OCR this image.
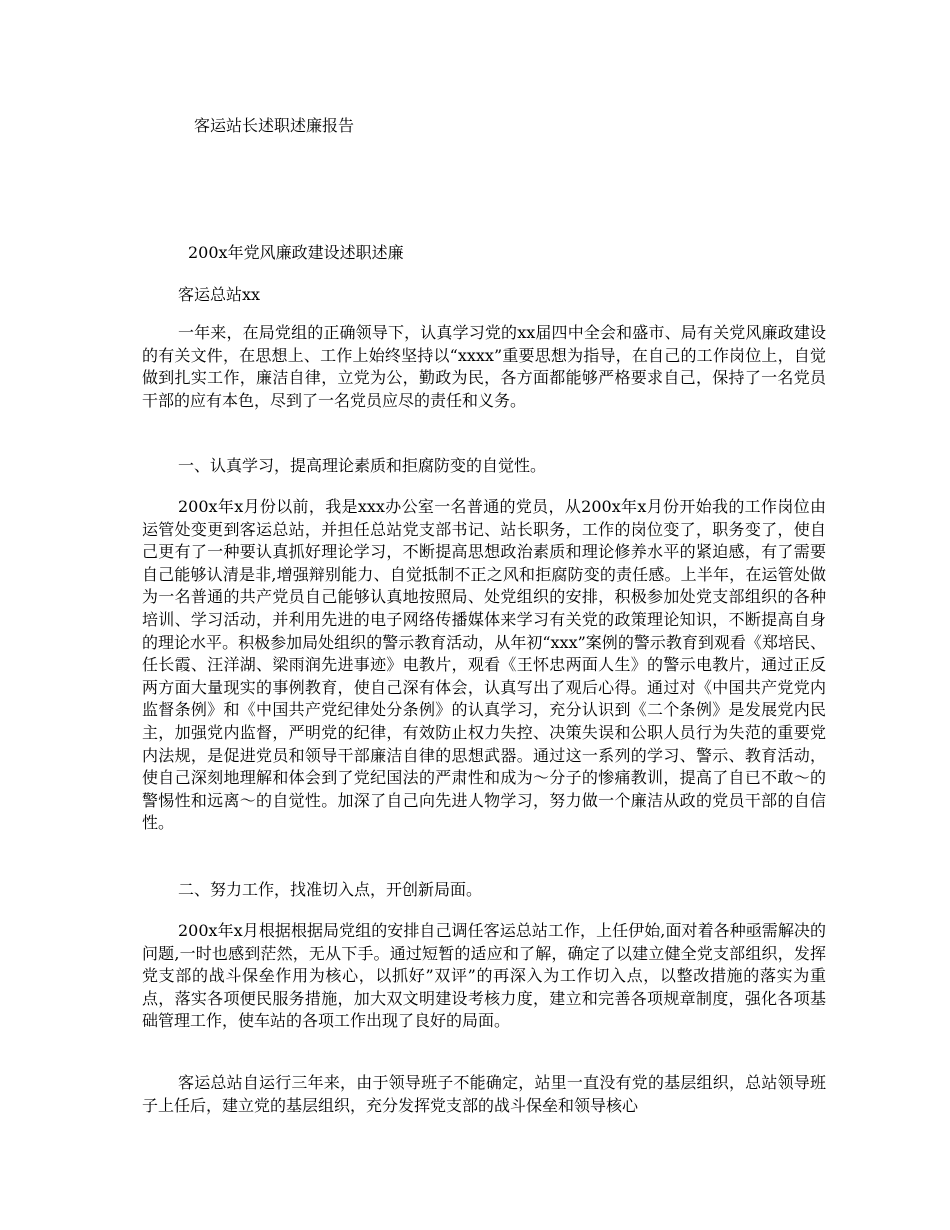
客运站长述职述廉报告
200x年党风廉政建设述职述廉
客运总站xx

一年来，在局党组的正确领导下，认真学习党的xx届四中全会和盛市、局有关党风廉政建设的有关文件，在思想上、工作上始终坚持以“xxxx”重要思想为指导，在自己的工作岗位上，自觉做到扎实工作，廉洁自律，立党为公，勤政为民，各方面都能够严格要求自己，保持了一名党员干部的应有本色，尽到了一名党员应尽的责任和义务。

一、认真学习，提高理论素质和拒腐防变的自觉性。

200x年x月份以前，我是xxx办公室一名普通的党员，从200x年x月份开始我的工作岗位由运管处变更到客运总站，并担任总站党支部书记、站长职务，工作的岗位变了，职务变了，使自己更有了一种要认真抓好理论学习，不断提高思想政治素质和理论修养水平的紧迫感，有了需要自己能够认清是非,增强辩别能力、自觉抵制不正之风和拒腐防变的责任感。上半年，在运管处做为一名普通的共产党员自己能够认真地按照局、处党组织的安排，积极参加处党支部组织的各种培训、学习活动，并利用先进的电子网络传播媒体来学习有关党的政策理论知识，不断提高自身的理论水平。积极参加局处组织的警示教育活动，从年初“xxx”案例的警示教育到观看《郑培民、任长霞、汪洋湖、梁雨润先进事迹》电教片，观看《王怀忠两面人生》的警示电教片，通过正反两方面大量现实的事例教育，使自己深有体会，认真写出了观后心得。通过对《中国共产党党内监督条例》和《中国共产党纪律处分条例》的认真学习，充分认识到《二个条例》是发展党内民主，加强党内监督，严明党的纪律，有效防止权力失控、决策失误和公职人员行为失范的重要党内法规，是促进党员和领导干部廉洁自律的思想武器。通过这一系列的学习、警示、教育活动，使自己深刻地理解和体会到了党纪国法的严肃性和成为～分子的惨痛教训，提高了自已不敢～的警惕性和远离～的自觉性。加深了自己向先进人物学习，努力做一个廉洁从政的党员干部的自信性。

二、努力工作，找准切入点，开创新局面。

200x年x月根据根据局党组的安排自己调任客运总站工作，上任伊始,面对着各种亟需解决的问题,一时也感到茫然，无从下手。通过短暂的适应和了解，确定了以建立健全党支部组织，发挥党支部的战斗保垒作用为核心，以抓好”双评”的再深入为工作切入点，以整改措施的落实为重点，落实各项便民服务措施，加大双文明建设考核力度，建立和完善各项规章制度，强化各项基础管理工作，使车站的各项工作出现了良好的局面。

客运总站自运行三年来，由于领导班子不能确定，站里一直没有党的基层组织，总站领导班子上任后，建立党的基层组织，充分发挥党支部的战斗保垒和领导核心
